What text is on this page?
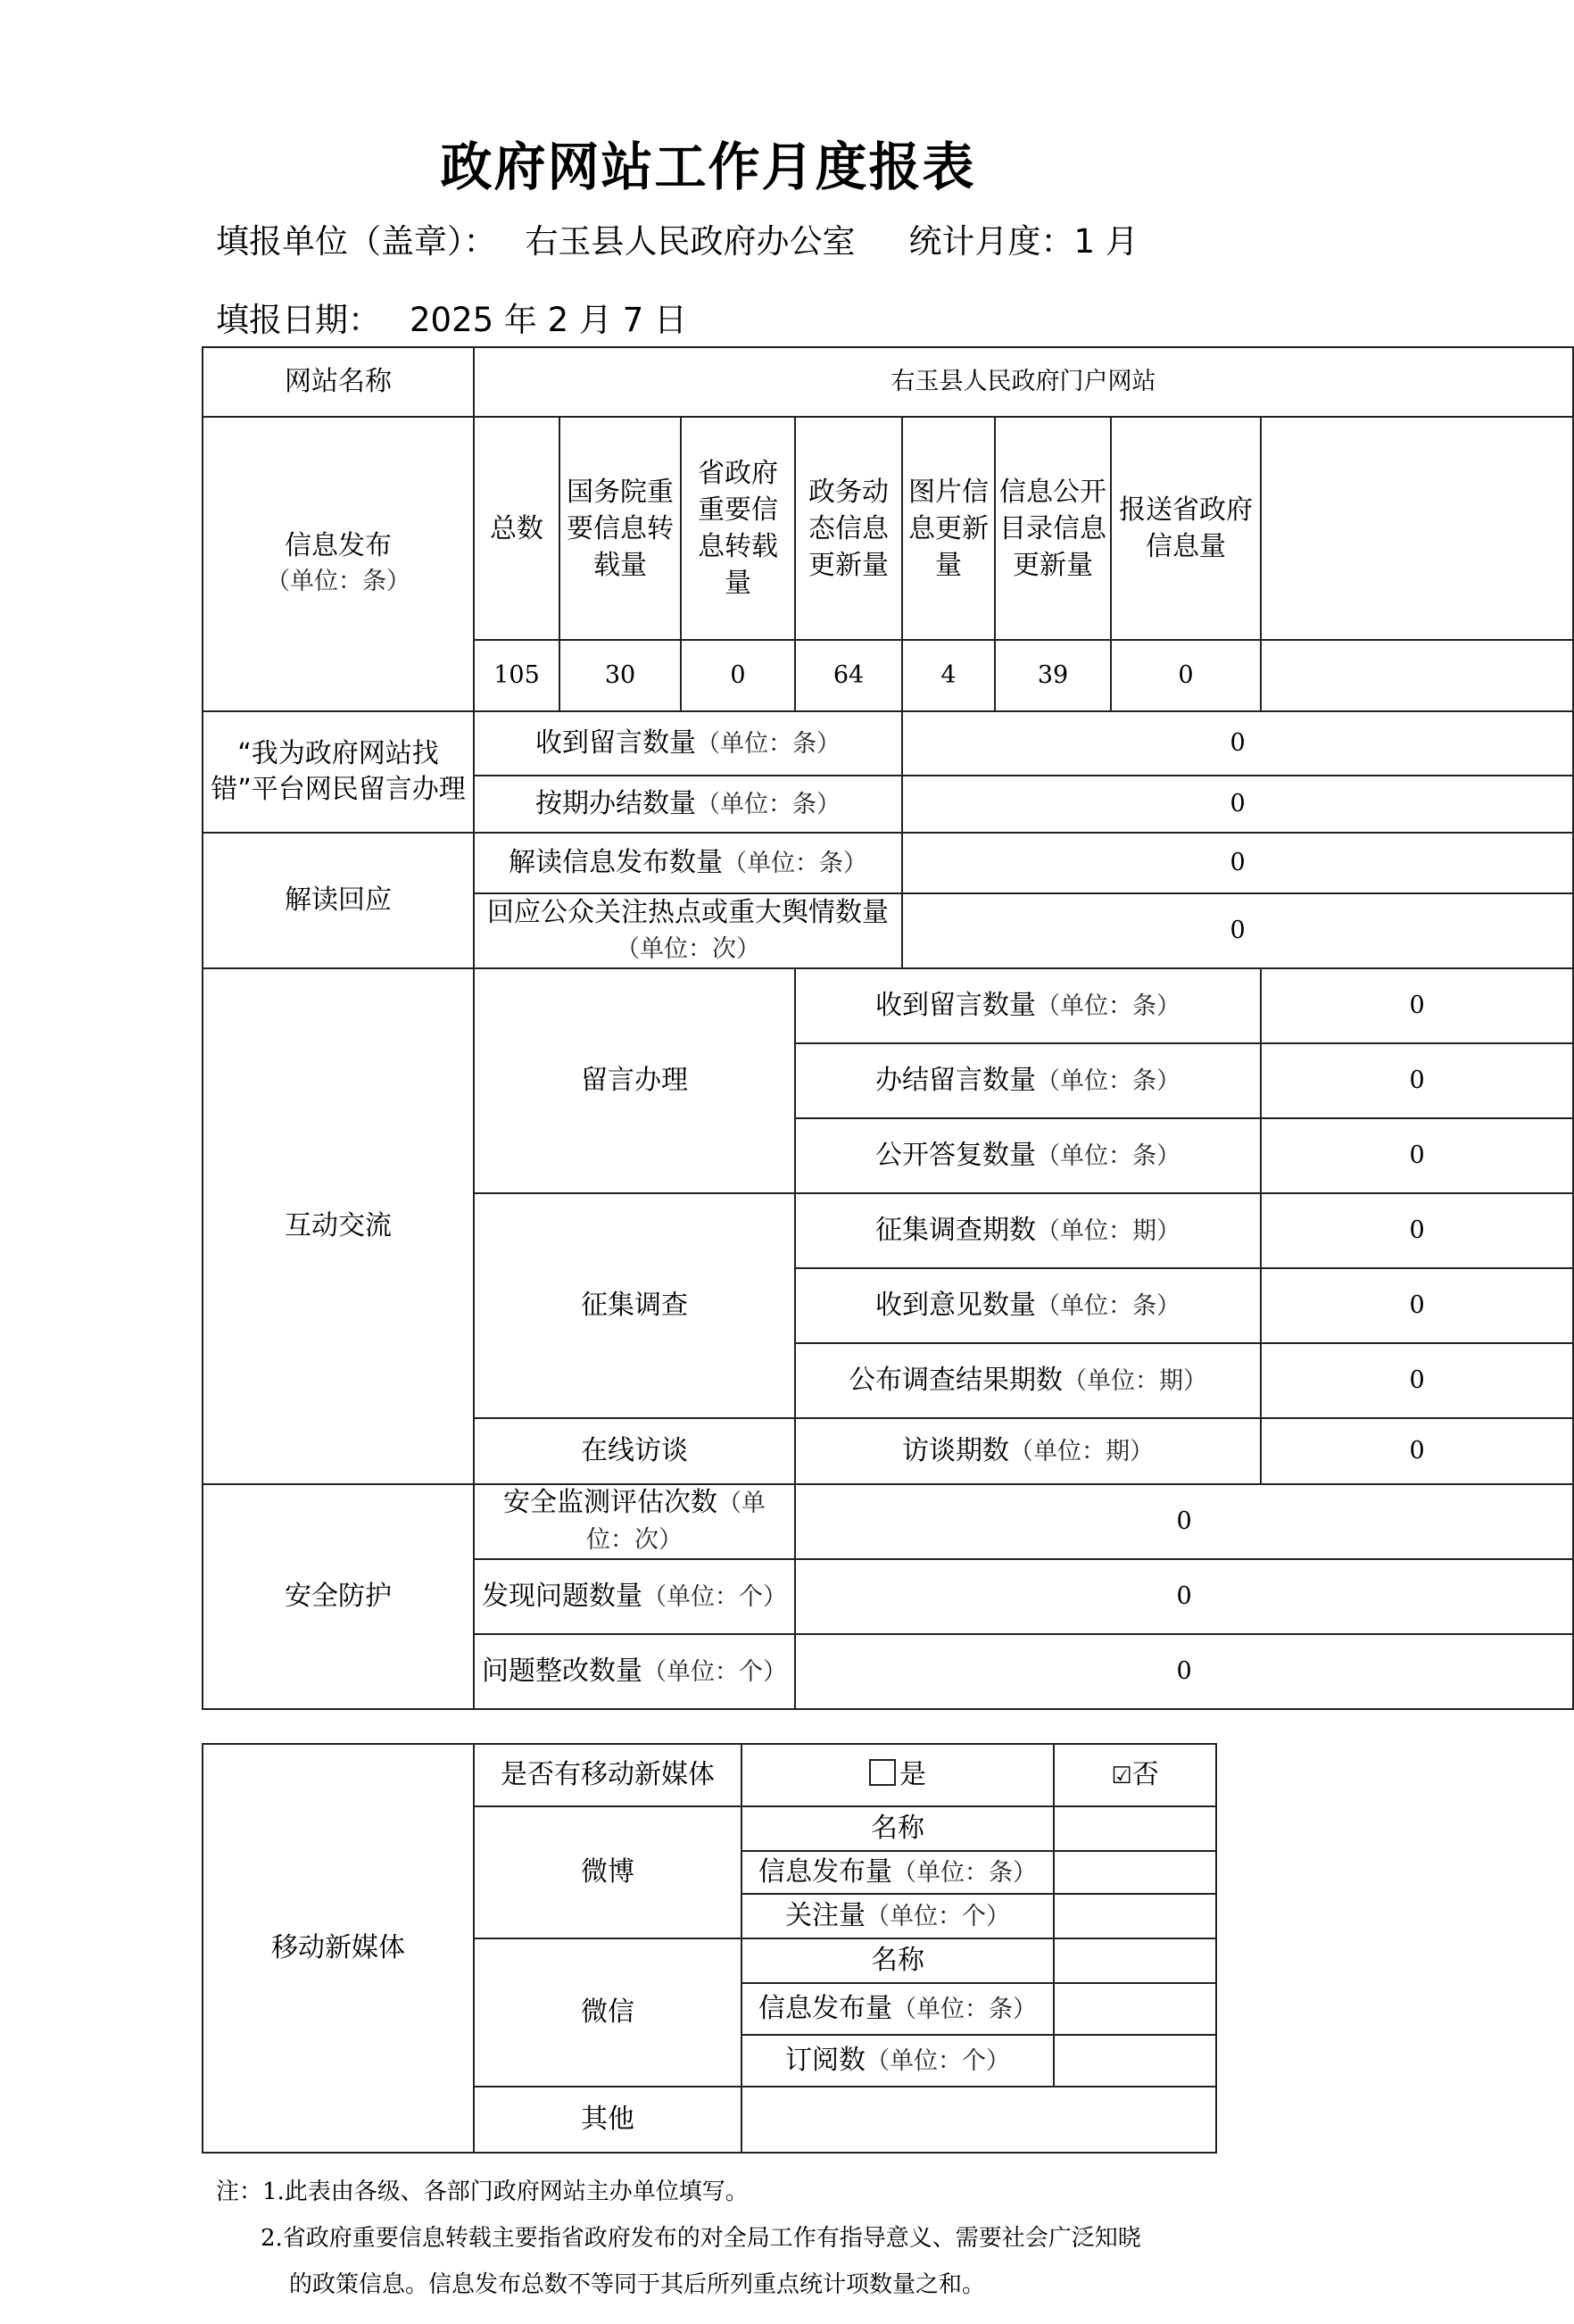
政府网站工作月度报表
填报单位（盖章）： 右玉县人民政府办公室 统计月度：1 月
填报日期： 2025 年 2 月 7 日
网站名称	右玉县人民政府门户网站							

信息发布
（单位：条）	总数	国务院重要信息转载量	省政府重要信息转载量	政务动态信息更新量	图片信息更新量	信息公开目录信息更新量	报送省政府信息量	
	105	30	0	64	4	39	0	
“我为政府网站找错”平台网民留言办理	收到留言数量（单位：条）				0			
	按期办结数量（单位：条）				0			
解读回应	解读信息发布数量（单位：条）				0			
	回应公众关注热点或重大舆情数量（单位：次）				0			
互动交流	留言办理			收到留言数量（单位：条）				0
				办结留言数量（单位：条）				0
				公开答复数量（单位：条）				0
	征集调查			征集调查期数（单位：期）				0
				收到意见数量（单位：条）				0
				公布调查结果期数（单位：期）				0
	在线访谈			访谈期数（单位：期）				0
安全防护	安全监测评估次数（单位：次）			0				
	发现问题数量（单位：个）			0				
	问题整改数量（单位：个）			0				
移动新媒体	是否有移动新媒体	是	☑否
	微博	名称	
		信息发布量（单位：条）	
		关注量（单位：个）	
	微信	名称	
		信息发布量（单位：条）	
		订阅数（单位：个）	
	其他		
注：1.此表由各级、各部门政府网站主办单位填写。
2.省政府重要信息转载主要指省政府发布的对全局工作有指导意义、需要社会广泛知晓
的政策信息。信息发布总数不等同于其后所列重点统计项数量之和。
